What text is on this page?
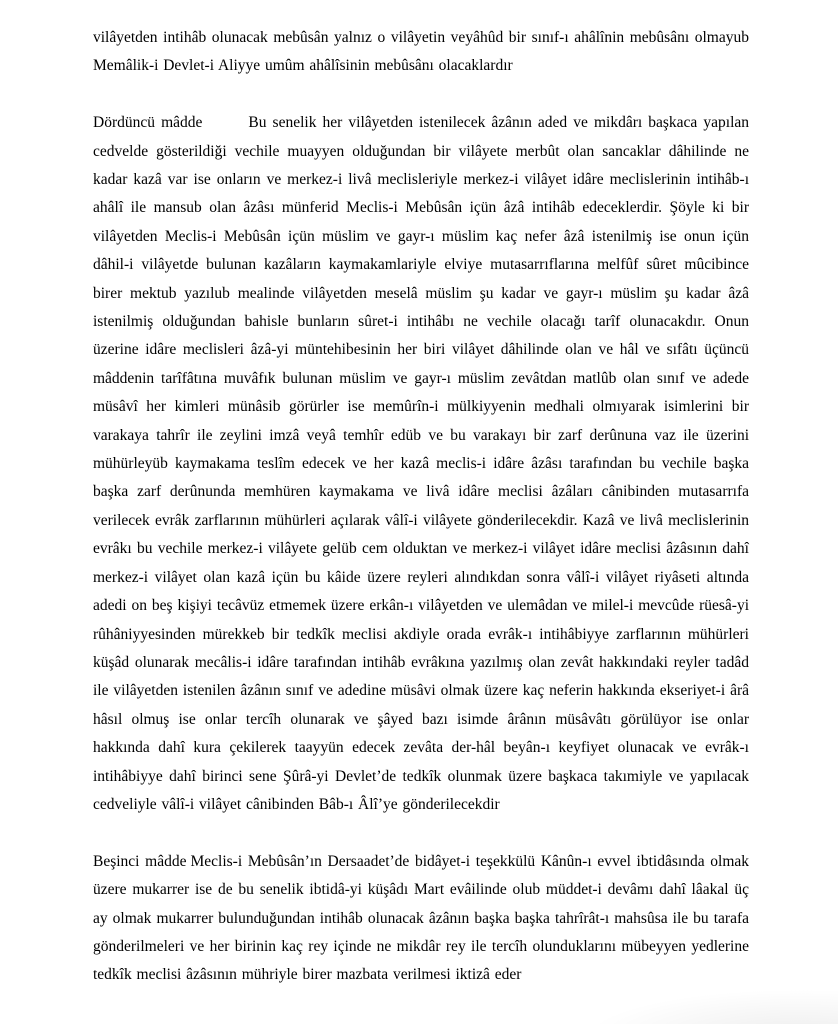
vilâyetden intihâb olunacak mebûsân yalnız o vilâyetin veyâhûd bir sınıf-ı ahâlînin mebûsânı olmayub Memâlik-i Devlet-i Aliyye umûm ahâlîsinin mebûsânı olacaklardır

Dördüncü mâdde	Bu senelik her vilâyetden istenilecek âzânın aded ve mikdârı başkaca yapılan cedvelde gösterildiği vechile muayyen olduğundan bir vilâyete merbût olan sancaklar dâhilinde ne kadar kazâ var ise onların ve merkez-i livâ meclisleriyle merkez-i vilâyet idâre meclislerinin intihâb-ı ahâlî ile mansub olan âzâsı münferid Meclis-i Mebûsân içün âzâ intihâb edeceklerdir. Şöyle ki bir vilâyetden Meclis-i Mebûsân içün müslim ve gayr-ı müslim kaç nefer âzâ istenilmiş ise onun içün dâhil-i vilâyetde bulunan kazâların kaymakamlariyle elviye mutasarrıflarına melfûf sûret mûcibince birer mektub yazılub mealinde vilâyetden meselâ müslim şu kadar ve gayr-ı müslim şu kadar âzâ istenilmiş olduğundan bahisle bunların sûret-i intihâbı ne vechile olacağı tarîf olunacakdır. Onun üzerine idâre meclisleri âzâ-yi müntehibesinin her biri vilâyet dâhilinde olan ve hâl ve sıfâtı üçüncü mâddenin tarîfâtına muvâfık bulunan müslim ve gayr-ı müslim zevâtdan matlûb olan sınıf ve adede müsâvî her kimleri münâsib görürler ise memûrîn-i mülkiyyenin medhali olmıyarak isimlerini bir varakaya tahrîr ile zeylini imzâ veyâ temhîr edüb ve bu varakayı bir zarf derûnuna vaz ile üzerini mühürleyüb kaymakama teslîm edecek ve her kazâ meclis-i idâre âzâsı tarafından bu vechile başka başka zarf derûnunda memhüren kaymakama ve livâ idâre meclisi âzâları cânibinden mutasarrıfa verilecek evrâk zarflarının mühürleri açılarak vâlî-i vilâyete gönderilecekdir. Kazâ ve livâ meclislerinin evrâkı bu vechile merkez-i vilâyete gelüb cem olduktan ve merkez-i vilâyet idâre meclisi âzâsının dahî merkez-i vilâyet olan kazâ içün bu kâide üzere reyleri alındıkdan sonra vâlî-i vilâyet riyâseti altında adedi on beş kişiyi tecâvüz etmemek üzere erkân-ı vilâyetden ve ulemâdan ve milel-i mevcûde rüesâ-yi rûhâniyyesinden mürekkeb bir tedkîk meclisi akdiyle orada evrâk-ı intihâbiyye zarflarının mühürleri küşâd olunarak mecâlis-i idâre tarafından intihâb evrâkına yazılmış olan zevât hakkındaki reyler tadâd ile vilâyetden istenilen âzânın sınıf ve adedine müsâvi olmak üzere kaç neferin hakkında ekseriyet-i ârâ hâsıl olmuş ise onlar tercîh olunarak ve şâyed bazı isimde ârânın müsâvâtı görülüyor ise onlar hakkında dahî kura çekilerek taayyün edecek zevâta der-hâl beyân-ı keyfiyet olunacak ve evrâk-ı intihâbiyye dahî birinci sene Şûrâ-yi Devlet’de tedkîk olunmak üzere başkaca takımiyle ve yapılacak cedveliyle vâlî-i vilâyet cânibinden Bâb-ı Âlî’ye gönderilecekdir

Beşinci mâdde Meclis-i Mebûsân’ın Dersaadet’de bidâyet-i teşekkülü Kânûn-ı evvel ibtidâsında olmak üzere mukarrer ise de bu senelik ibtidâ-yi küşâdı Mart evâilinde olub müddet-i devâmı dahî lâakal üç ay olmak mukarrer bulunduğundan intihâb olunacak âzânın başka başka tahrîrât-ı mahsûsa ile bu tarafa gönderilmeleri ve her birinin kaç rey içinde ne mikdâr rey ile tercîh olunduklarını mübeyyen yedlerine tedkîk meclisi âzâsının mühriyle birer mazbata verilmesi iktizâ eder
